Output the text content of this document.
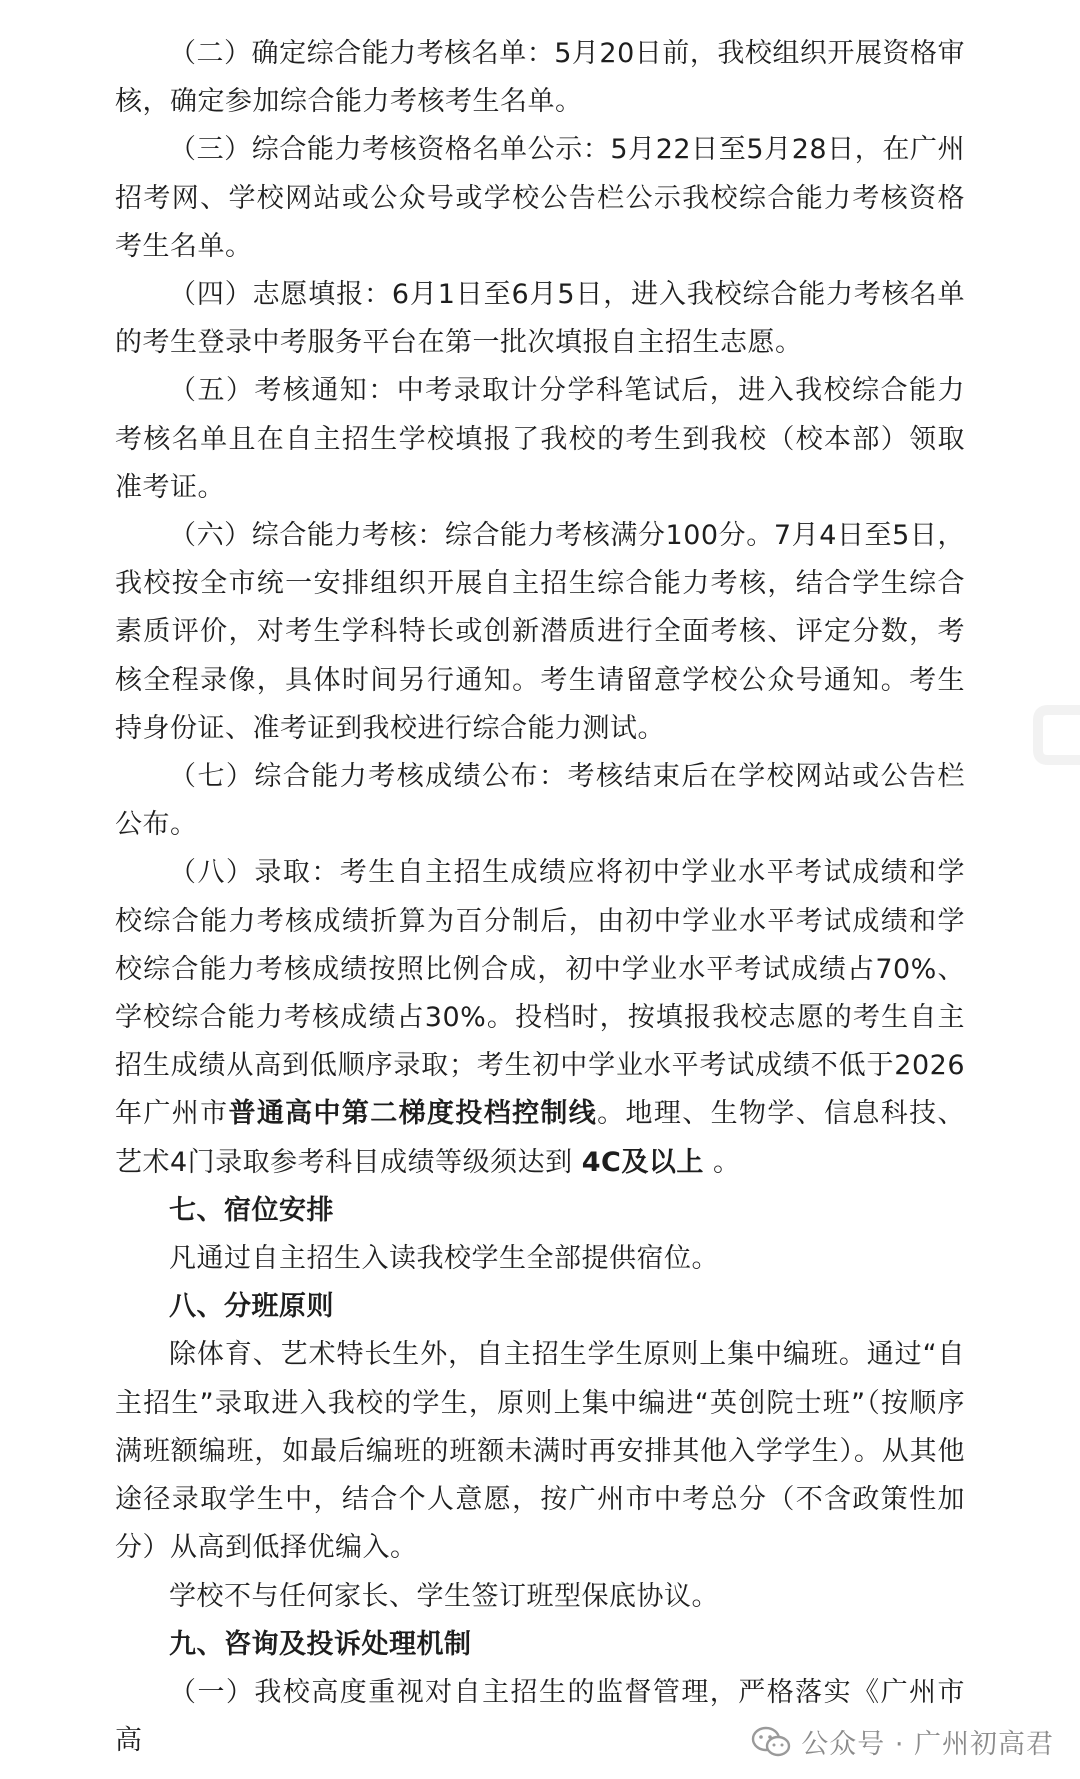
（二）确定综合能力考核名单：5月20日前，我校组织开展资格审核，确定参加综合能力考核考生名单。

（三）综合能力考核资格名单公示：5月22日至5月28日，在广州招考网、学校网站或公众号或学校公告栏公示我校综合能力考核资格考生名单。

（四）志愿填报：6月1日至6月5日，进入我校综合能力考核名单的考生登录中考服务平台在第一批次填报自主招生志愿。

（五）考核通知：中考录取计分学科笔试后，进入我校综合能力考核名单且在自主招生学校填报了我校的考生到我校（校本部）领取准考证。

（六）综合能力考核：综合能力考核满分100分。7月4日至5日，我校按全市统一安排组织开展自主招生综合能力考核，结合学生综合素质评价，对考生学科特长或创新潜质进行全面考核、评定分数，考核全程录像，具体时间另行通知。考生请留意学校公众号通知。考生持身份证、准考证到我校进行综合能力测试。

（七）综合能力考核成绩公布：考核结束后在学校网站或公告栏公布。

（八）录取：考生自主招生成绩应将初中学业水平考试成绩和学校综合能力考核成绩折算为百分制后，由初中学业水平考试成绩和学校综合能力考核成绩按照比例合成，初中学业水平考试成绩占70%、学校综合能力考核成绩占30%。投档时，按填报我校志愿的考生自主招生成绩从高到低顺序录取；考生初中学业水平考试成绩不低于2026年广州市普通高中第二梯度投档控制线。地理、生物学、信息科技、艺术4门录取参考科目成绩等级须达到 4C及以上 。

七、宿位安排

凡通过自主招生入读我校学生全部提供宿位。

八、分班原则

除体育、艺术特长生外，自主招生学生原则上集中编班。通过“自主招生”录取进入我校的学生，原则上集中编进“英创院士班”（按顺序满班额编班，如最后编班的班额未满时再安排其他入学学生）。从其他途径录取学生中，结合个人意愿，按广州市中考总分（不含政策性加分）从高到低择优编入。

学校不与任何家长、学生签订班型保底协议。

九、咨询及投诉处理机制

（一）我校高度重视对自主招生的监督管理，严格落实《广州市高	公众号 · 广州初高君
